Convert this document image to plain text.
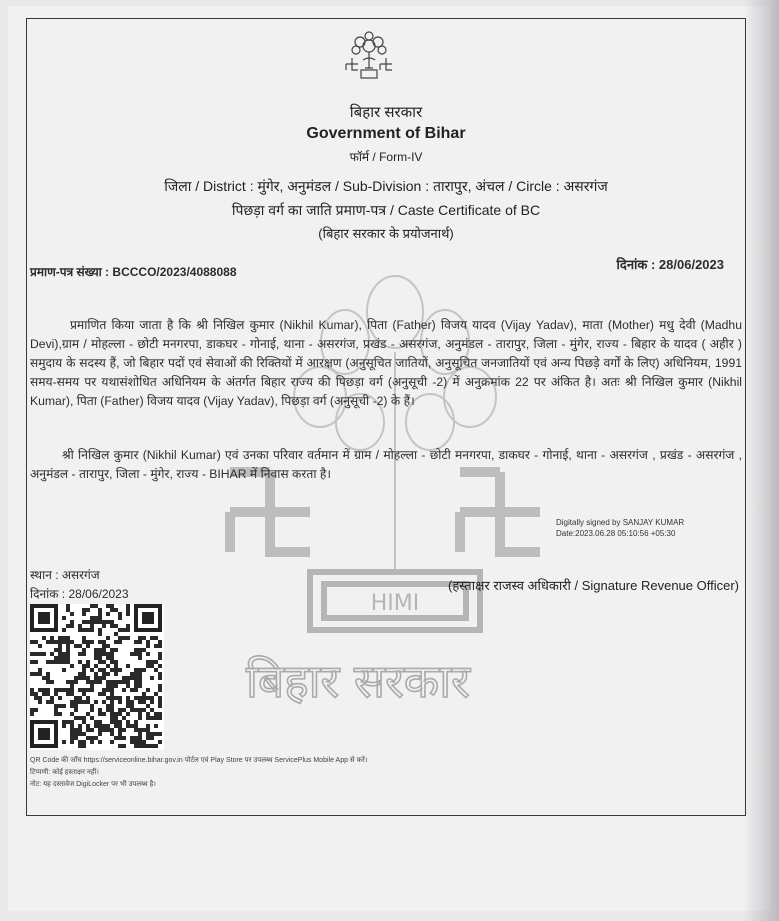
HIMI
बिहार सरकार
बिहार सरकार
Government of Bihar
फॉर्म / Form-IV
जिला / District : मुंगेर, अनुमंडल / Sub-Division : तारापुर, अंचल / Circle : असरगंज
पिछड़ा वर्ग का जाति प्रमाण-पत्र / Caste Certificate of BC
(बिहार सरकार के प्रयोजनार्थ)
प्रमाण-पत्र संख्या : BCCCO/2023/4088088	दिनांक : 28/06/2023
प्रमाणित किया जाता है कि श्री निखिल कुमार (Nikhil Kumar), पिता (Father) विजय यादव (Vijay Yadav), माता (Mother) मधु देवी (Madhu Devi),ग्राम / मोहल्ला - छोटी मनगरपा, डाकघर - गोनाई, थाना - असरगंज, प्रखंड - असरगंज, अनुमंडल - तारापुर, जिला - मुंगेर, राज्य - बिहार के यादव ( अहीर ) समुदाय के सदस्य हैं, जो बिहार पदों एवं सेवाओं की रिक्तियों में आरक्षण (अनुसूचित जातियों, अनुसूचित जनजातियों एवं अन्य पिछड़े वर्गों के लिए) अधिनियम, 1991 समय-समय पर यथासंशोधित अधिनियम के अंतर्गत बिहार राज्य की पिछड़ा वर्ग (अनुसूची -2) में अनुक्रमांक 22 पर अंकित है। अतः श्री निखिल कुमार (Nikhil Kumar), पिता (Father) विजय यादव (Vijay Yadav), पिछड़ा वर्ग (अनुसूची -2) के हैं।
श्री निखिल कुमार (Nikhil Kumar) एवं उनका परिवार वर्तमान में ग्राम / मोहल्ला - छोटी मनगरपा, डाकघर - गोनाई, थाना - असरगंज , प्रखंड - असरगंज , अनुमंडल - तारापुर, जिला - मुंगेर, राज्य - BIHAR में निवास करता है।
Digitally signed by SANJAY KUMAR
Date:2023.06.28 05:10:56 +05:30
स्थान : असरगंज
दिनांक : 28/06/2023
(हस्ताक्षर राजस्व अधिकारी / Signature Revenue Officer)
QR Code की जाँच https://serviceonline.bihar.gov.in पोर्टल एवं Play Store पर उपलब्ध ServicePlus Mobile App से करें।
टिप्पणी: कोई हस्ताक्षर नहीं।
नोट: यह दस्तावेज DigiLocker पर भी उपलब्ध है।
